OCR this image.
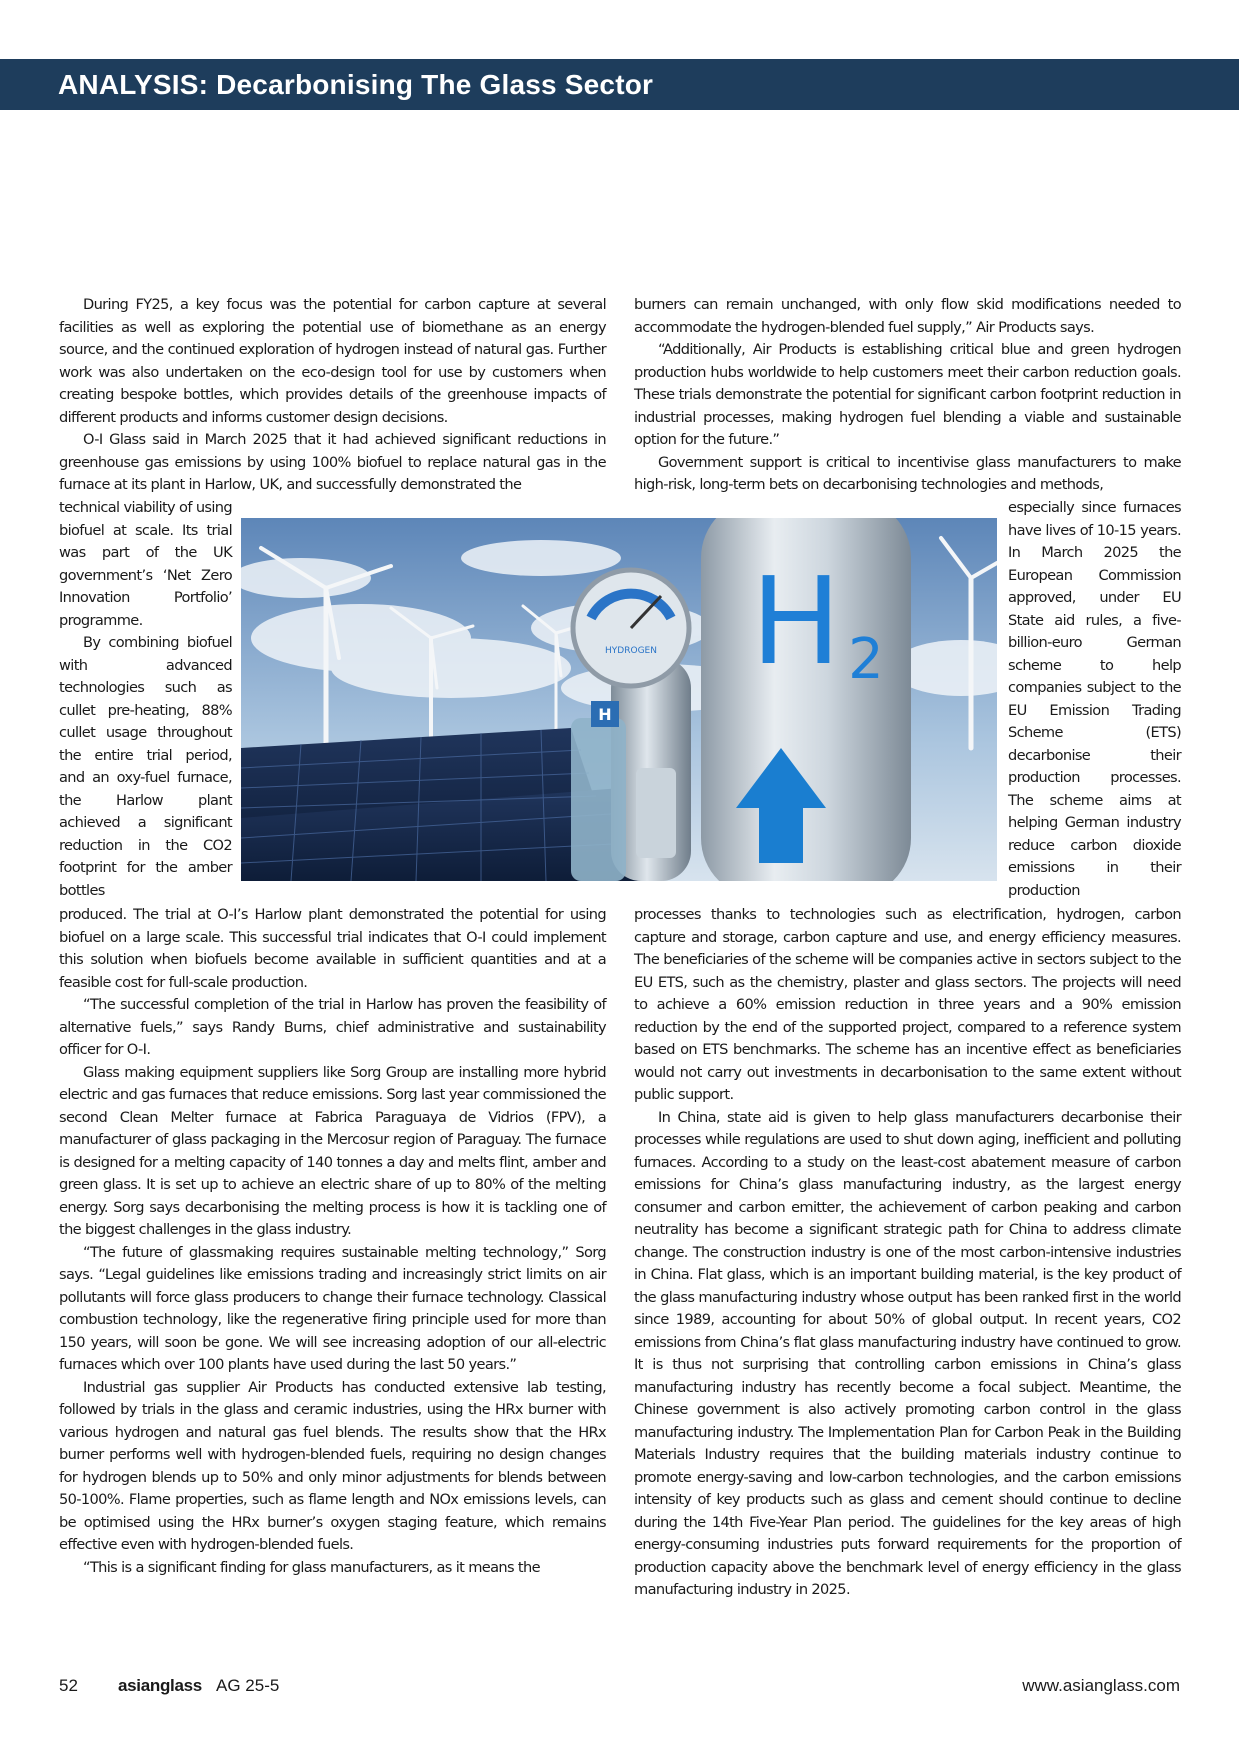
ANALYSIS: Decarbonising The Glass Sector

During FY25, a key focus was the potential for carbon capture at several facilities as well as exploring the potential use of biomethane as an energy source, and the continued exploration of hydrogen instead of natural gas. Further work was also undertaken on the eco-design tool for use by customers when creating bespoke bottles, which provides details of the greenhouse impacts of different products and informs customer design decisions.

O-I Glass said in March 2025 that it had achieved significant reductions in greenhouse gas emissions by using 100% biofuel to replace natural gas in the furnace at its plant in Harlow, UK, and successfully demonstrated the

technical viability of using biofuel at scale. Its trial was part of the UK government’s ‘Net Zero Innovation Portfolio’ programme.

By combining biofuel with advanced technologies such as cullet pre-heating, 88% cullet usage throughout the entire trial period, and an oxy-fuel furnace, the Harlow plant achieved a significant reduction in the CO2 footprint for the amber bottles

produced. The trial at O-I’s Harlow plant demonstrated the potential for using biofuel on a large scale. This successful trial indicates that O-I could implement this solution when biofuels become available in sufficient quantities and at a feasible cost for full-scale production.

“The successful completion of the trial in Harlow has proven the feasibility of alternative fuels,” says Randy Burns, chief administrative and sustainability officer for O-I.

Glass making equipment suppliers like Sorg Group are installing more hybrid electric and gas furnaces that reduce emissions. Sorg last year commissioned the second Clean Melter furnace at Fabrica Paraguaya de Vidrios (FPV), a manufacturer of glass packaging in the Mercosur region of Paraguay. The furnace is designed for a melting capacity of 140 tonnes a day and melts flint, amber and green glass. It is set up to achieve an electric share of up to 80% of the melting energy. Sorg says decarbonising the melting process is how it is tackling one of the biggest challenges in the glass industry.

“The future of glassmaking requires sustainable melting technology,” Sorg says. “Legal guidelines like emissions trading and increasingly strict limits on air pollutants will force glass producers to change their furnace technology. Classical combustion technology, like the regenerative firing principle used for more than 150 years, will soon be gone. We will see increasing adoption of our all-electric furnaces which over 100 plants have used during the last 50 years.”

Industrial gas supplier Air Products has conducted extensive lab testing, followed by trials in the glass and ceramic industries, using the HRx burner with various hydrogen and natural gas fuel blends. The results show that the HRx burner performs well with hydrogen-blended fuels, requiring no design changes for hydrogen blends up to 50% and only minor adjustments for blends between 50-100%. Flame properties, such as flame length and NOx emissions levels, can be optimised using the HRx burner’s oxygen staging feature, which remains effective even with hydrogen-blended fuels.

“This is a significant finding for glass manufacturers, as it means the

burners can remain unchanged, with only flow skid modifications needed to accommodate the hydrogen-blended fuel supply,” Air Products says.

“Additionally, Air Products is establishing critical blue and green hydrogen production hubs worldwide to help customers meet their carbon reduction goals. These trials demonstrate the potential for significant carbon footprint reduction in industrial processes, making hydrogen fuel blending a viable and sustainable option for the future.”

Government support is critical to incentivise glass manufacturers to make high-risk, long-term bets on decarbonising technologies and methods,

especially since furnaces have lives of 10-15 years. In March 2025 the European Commission approved, under EU State aid rules, a five-billion-euro German scheme to help companies subject to the EU Emission Trading Scheme (ETS) decarbonise their production processes. The scheme aims at helping German industry reduce carbon dioxide emissions in their production

processes thanks to technologies such as electrification, hydrogen, carbon capture and storage, carbon capture and use, and energy efficiency measures. The beneficiaries of the scheme will be companies active in sectors subject to the EU ETS, such as the chemistry, plaster and glass sectors. The projects will need to achieve a 60% emission reduction in three years and a 90% emission reduction by the end of the supported project, compared to a reference system based on ETS benchmarks. The scheme has an incentive effect as beneficiaries would not carry out investments in decarbonisation to the same extent without public support.

In China, state aid is given to help glass manufacturers decarbonise their processes while regulations are used to shut down aging, inefficient and polluting furnaces. According to a study on the least-cost abatement measure of carbon emissions for China’s glass manufacturing industry, as the largest energy consumer and carbon emitter, the achievement of carbon peaking and carbon neutrality has become a significant strategic path for China to address climate change. The construction industry is one of the most carbon-intensive industries in China. Flat glass, which is an important building material, is the key product of the glass manufacturing industry whose output has been ranked first in the world since 1989, accounting for about 50% of global output. In recent years, CO2 emissions from China’s flat glass manufacturing industry have continued to grow. It is thus not surprising that controlling carbon emissions in China’s glass manufacturing industry has recently become a focal subject. Meantime, the Chinese government is also actively promoting carbon control in the glass manufacturing industry. The Implementation Plan for Carbon Peak in the Building Materials Industry requires that the building materials industry continue to promote energy-saving and low-carbon technologies, and the carbon emissions intensity of key products such as glass and cement should continue to decline during the 14th Five-Year Plan period. The guidelines for the key areas of high energy-consuming industries puts forward requirements for the proportion of production capacity above the benchmark level of energy efficiency in the glass manufacturing industry in 2025.

HYDROGEN
H
H 2
52 asianglass AG 25-5	www.asianglass.com
